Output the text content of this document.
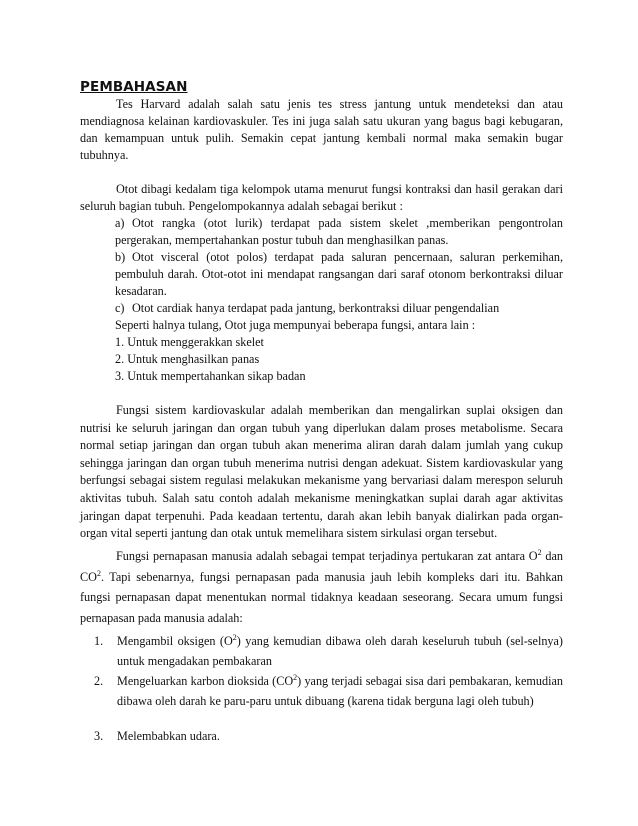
PEMBAHASAN

Tes Harvard adalah salah satu jenis tes stress jantung untuk mendeteksi dan atau mendiagnosa kelainan kardiovaskuler. Tes ini juga salah satu ukuran yang bagus bagi kebugaran, dan kemampuan untuk pulih. Semakin cepat jantung kembali normal maka semakin bugar tubuhnya.

Otot dibagi kedalam tiga kelompok utama menurut fungsi kontraksi dan hasil gerakan dari seluruh bagian tubuh. Pengelompokannya adalah sebagai berikut :

a) Otot rangka (otot lurik) terdapat pada sistem skelet ,memberikan pengontrolan pergerakan, mempertahankan postur tubuh dan menghasilkan panas.
b) Otot visceral (otot polos) terdapat pada saluran pencernaan, saluran perkemihan, pembuluh darah. Otot-otot ini mendapat rangsangan dari saraf otonom berkontraksi diluar kesadaran.
c) Otot cardiak hanya terdapat pada jantung, berkontraksi diluar pengendalian
Seperti halnya tulang, Otot juga mempunyai beberapa fungsi, antara lain :
1. Untuk menggerakkan skelet
2. Untuk menghasilkan panas
3. Untuk mempertahankan sikap badan

Fungsi sistem kardiovaskular adalah memberikan dan mengalirkan suplai oksigen dan nutrisi ke seluruh jaringan dan organ tubuh yang diperlukan dalam proses metabolisme. Secara normal setiap jaringan dan organ tubuh akan menerima aliran darah dalam jumlah yang cukup sehingga jaringan dan organ tubuh menerima nutrisi dengan adekuat. Sistem kardiovaskular yang berfungsi sebagai sistem regulasi melakukan mekanisme yang bervariasi dalam merespon seluruh aktivitas tubuh. Salah satu contoh adalah mekanisme meningkatkan suplai darah agar aktivitas jaringan dapat terpenuhi. Pada keadaan tertentu, darah akan lebih banyak dialirkan pada organ-organ vital seperti jantung dan otak untuk memelihara sistem sirkulasi organ tersebut.

Fungsi pernapasan manusia adalah sebagai tempat terjadinya pertukaran zat antara $O^2$ dan $CO^2$. Tapi sebenarnya, fungsi pernapasan pada manusia jauh lebih kompleks dari itu. Bahkan fungsi pernapasan dapat menentukan normal tidaknya keadaan seseorang. Secara umum fungsi pernapasan pada manusia adalah:

1. Mengambil oksigen $(O^2)$ yang kemudian dibawa oleh darah keseluruh tubuh (sel-selnya) untuk mengadakan pembakaran
2. Mengeluarkan karbon dioksida $(CO^2)$ yang terjadi sebagai sisa dari pembakaran, kemudian dibawa oleh darah ke paru-paru untuk dibuang (karena tidak berguna lagi oleh tubuh)
3. Melembabkan udara.
